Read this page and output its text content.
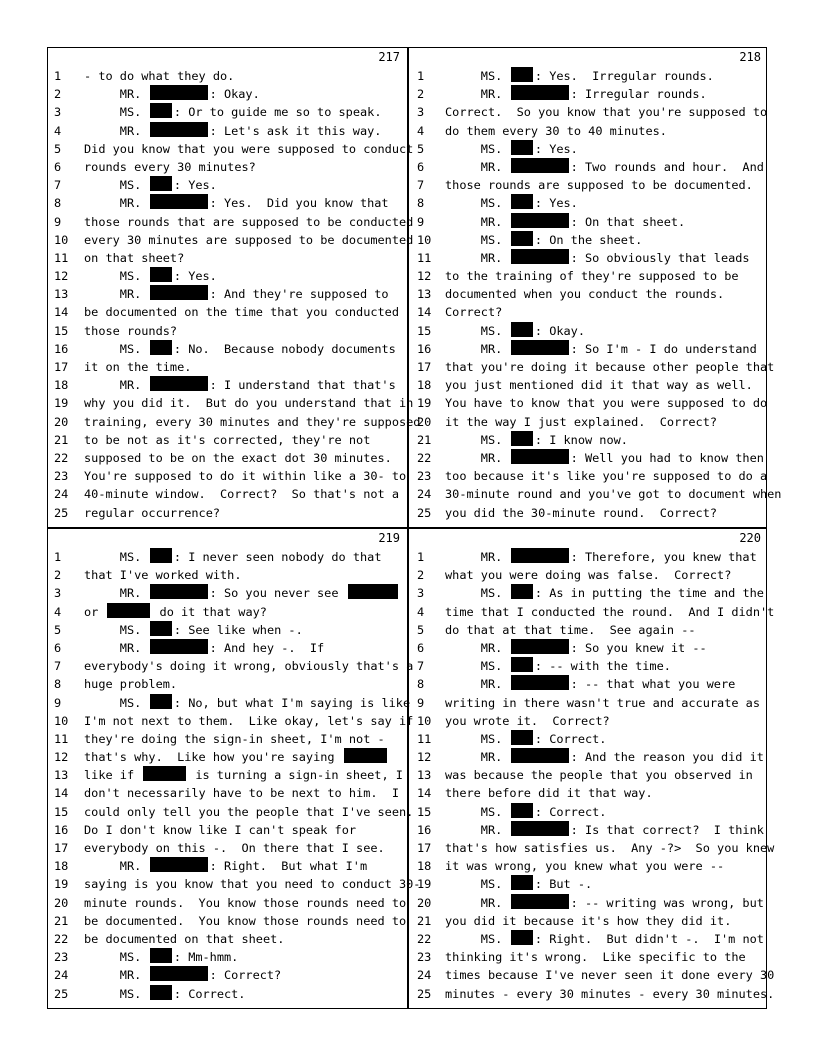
217
1	- to do what they do.
2	MR.	: Okay.
3	MS. : Or to guide me so to speak.
4	MR.	: Let's ask it this way.
5	Did you know that you were supposed to conduct
6	rounds every 30 minutes?
7	MS. : Yes.
8	MR.	: Yes.  Did you know that
9	those rounds that are supposed to be conducted
10	every 30 minutes are supposed to be documented
11	on that sheet?
12	MS. : Yes.
13	MR.	: And they're supposed to
14	be documented on the time that you conducted
15	those rounds?
16	MS. : No.  Because nobody documents
17	it on the time.
18	MR.	: I understand that that's
19	why you did it.  But do you understand that in
20	training, every 30 minutes and they're supposed
21	to be not as it's corrected, they're not
22	supposed to be on the exact dot 30 minutes.
23	You're supposed to do it within like a 30- to
24	40-minute window.  Correct?  So that's not a
25	regular occurrence?
218
1	MS. : Yes.  Irregular rounds.
2	MR.	: Irregular rounds.
3	Correct.  So you know that you're supposed to
4	do them every 30 to 40 minutes.
5	MS. : Yes.
6	MR.	: Two rounds and hour.  And
7	those rounds are supposed to be documented.
8	MS. : Yes.
9	MR.	: On that sheet.
10	MS. : On the sheet.
11	MR.	: So obviously that leads
12	to the training of they're supposed to be
13	documented when you conduct the rounds.
14	Correct?
15	MS. : Okay.
16	MR.	: So I'm - I do understand
17	that you're doing it because other people that
18	you just mentioned did it that way as well.
19	You have to know that you were supposed to do
20	it the way I just explained.  Correct?
21	MS. : I know now.
22	MR.	: Well you had to know then
23	too because it's like you're supposed to do a
24	30-minute round and you've got to document when
25	you did the 30-minute round.  Correct?
219
1	MS. : I never seen nobody do that
2	that I've worked with.
3	MR.	: So you never see
4	or	do it that way?
5	MS. : See like when -.
6	MR.	: And hey -.  If
7	everybody's doing it wrong, obviously that's a
8	huge problem.
9	MS. : No, but what I'm saying is like
10	I'm not next to them.  Like okay, let's say if
11	they're doing the sign-in sheet, I'm not -
12	that's why.  Like how you're saying
13	like if	is turning a sign-in sheet, I
14	don't necessarily have to be next to him.  I
15	could only tell you the people that I've seen.
16	Do I don't know like I can't speak for
17	everybody on this -.  On there that I see.
18	MR.	: Right.  But what I'm
19	saying is you know that you need to conduct 30-
20	minute rounds.  You know those rounds need to
21	be documented.  You know those rounds need to
22	be documented on that sheet.
23	MS. : Mm-hmm.
24	MR.	: Correct?
25	MS. : Correct.
220
1	MR.	: Therefore, you knew that
2	what you were doing was false.  Correct?
3	MS. : As in putting the time and the
4	time that I conducted the round.  And I didn't
5	do that at that time.  See again --
6	MR.	: So you knew it --
7	MS. : -- with the time.
8	MR.	: -- that what you were
9	writing in there wasn't true and accurate as
10	you wrote it.  Correct?
11	MS. : Correct.
12	MR.	: And the reason you did it
13	was because the people that you observed in
14	there before did it that way.
15	MS. : Correct.
16	MR.	: Is that correct?  I think
17	that's how satisfies us.  Any -?>  So you knew
18	it was wrong, you knew what you were --
19	MS. : But -.
20	MR.	: -- writing was wrong, but
21	you did it because it's how they did it.
22	MS. : Right.  But didn't -.  I'm not
23	thinking it's wrong.  Like specific to the
24	times because I've never seen it done every 30
25	minutes - every 30 minutes - every 30 minutes.
